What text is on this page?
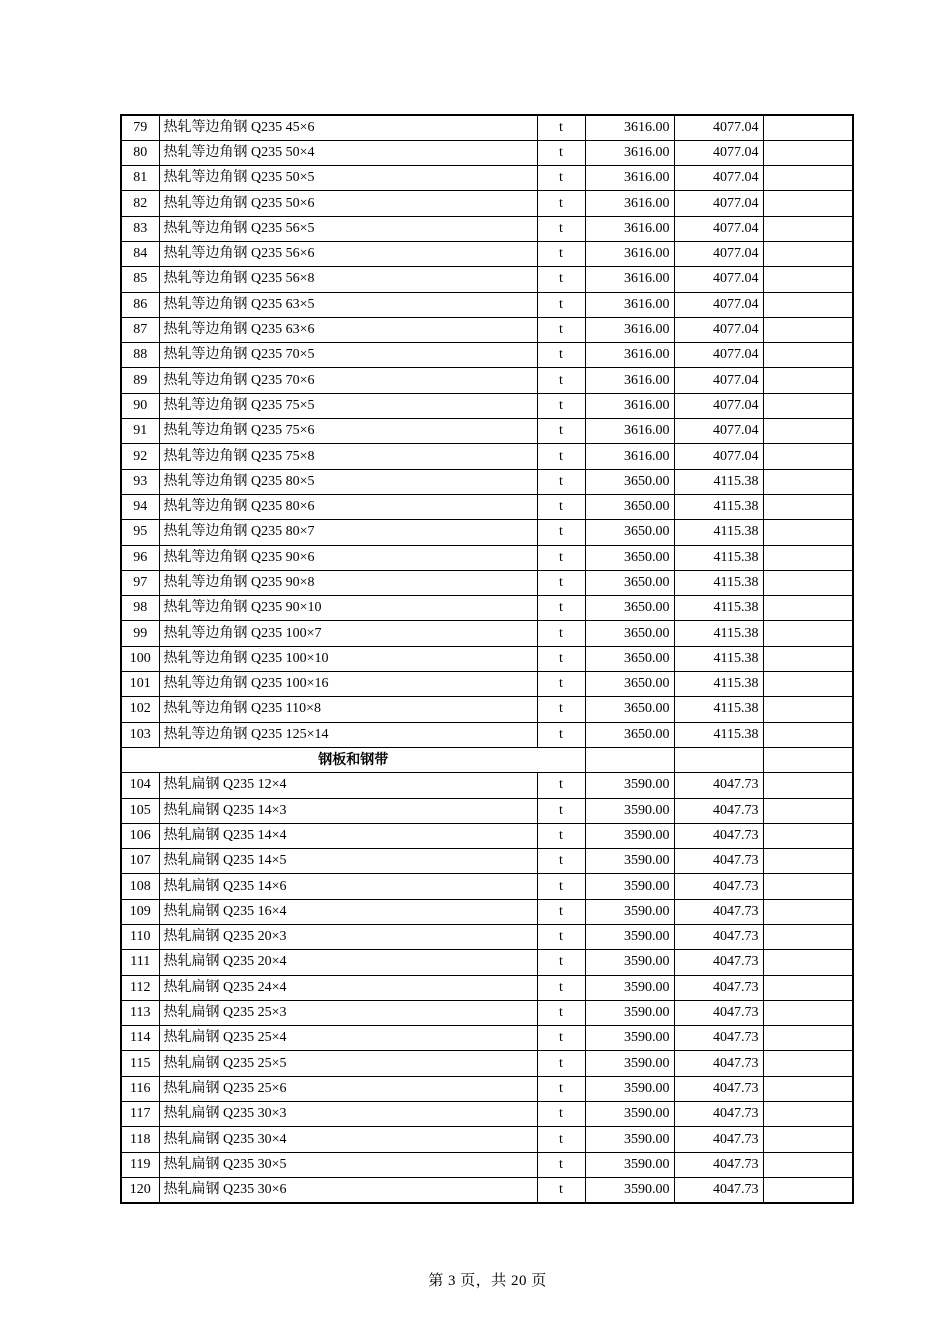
79	热轧等边角钢 Q235 45×6	t	3616.00	4077.04	
80	热轧等边角钢 Q235 50×4	t	3616.00	4077.04	
81	热轧等边角钢 Q235 50×5	t	3616.00	4077.04	
82	热轧等边角钢 Q235 50×6	t	3616.00	4077.04	
83	热轧等边角钢 Q235 56×5	t	3616.00	4077.04	
84	热轧等边角钢 Q235 56×6	t	3616.00	4077.04	
85	热轧等边角钢 Q235 56×8	t	3616.00	4077.04	
86	热轧等边角钢 Q235 63×5	t	3616.00	4077.04	
87	热轧等边角钢 Q235 63×6	t	3616.00	4077.04	
88	热轧等边角钢 Q235 70×5	t	3616.00	4077.04	
89	热轧等边角钢 Q235 70×6	t	3616.00	4077.04	
90	热轧等边角钢 Q235 75×5	t	3616.00	4077.04	
91	热轧等边角钢 Q235 75×6	t	3616.00	4077.04	
92	热轧等边角钢 Q235 75×8	t	3616.00	4077.04	
93	热轧等边角钢 Q235 80×5	t	3650.00	4115.38	
94	热轧等边角钢 Q235 80×6	t	3650.00	4115.38	
95	热轧等边角钢 Q235 80×7	t	3650.00	4115.38	
96	热轧等边角钢 Q235 90×6	t	3650.00	4115.38	
97	热轧等边角钢 Q235 90×8	t	3650.00	4115.38	
98	热轧等边角钢 Q235 90×10	t	3650.00	4115.38	
99	热轧等边角钢 Q235 100×7	t	3650.00	4115.38	
100	热轧等边角钢 Q235 100×10	t	3650.00	4115.38	
101	热轧等边角钢 Q235 100×16	t	3650.00	4115.38	
102	热轧等边角钢 Q235 110×8	t	3650.00	4115.38	
103	热轧等边角钢 Q235 125×14	t	3650.00	4115.38	
钢板和钢带					
104	热轧扁钢 Q235 12×4	t	3590.00	4047.73	
105	热轧扁钢 Q235 14×3	t	3590.00	4047.73	
106	热轧扁钢 Q235 14×4	t	3590.00	4047.73	
107	热轧扁钢 Q235 14×5	t	3590.00	4047.73	
108	热轧扁钢 Q235 14×6	t	3590.00	4047.73	
109	热轧扁钢 Q235 16×4	t	3590.00	4047.73	
110	热轧扁钢 Q235 20×3	t	3590.00	4047.73	
111	热轧扁钢 Q235 20×4	t	3590.00	4047.73	
112	热轧扁钢 Q235 24×4	t	3590.00	4047.73	
113	热轧扁钢 Q235 25×3	t	3590.00	4047.73	
114	热轧扁钢 Q235 25×4	t	3590.00	4047.73	
115	热轧扁钢 Q235 25×5	t	3590.00	4047.73	
116	热轧扁钢 Q235 25×6	t	3590.00	4047.73	
117	热轧扁钢 Q235 30×3	t	3590.00	4047.73	
118	热轧扁钢 Q235 30×4	t	3590.00	4047.73	
119	热轧扁钢 Q235 30×5	t	3590.00	4047.73	
120	热轧扁钢 Q235 30×6	t	3590.00	4047.73	
第 3 页，共 20 页
